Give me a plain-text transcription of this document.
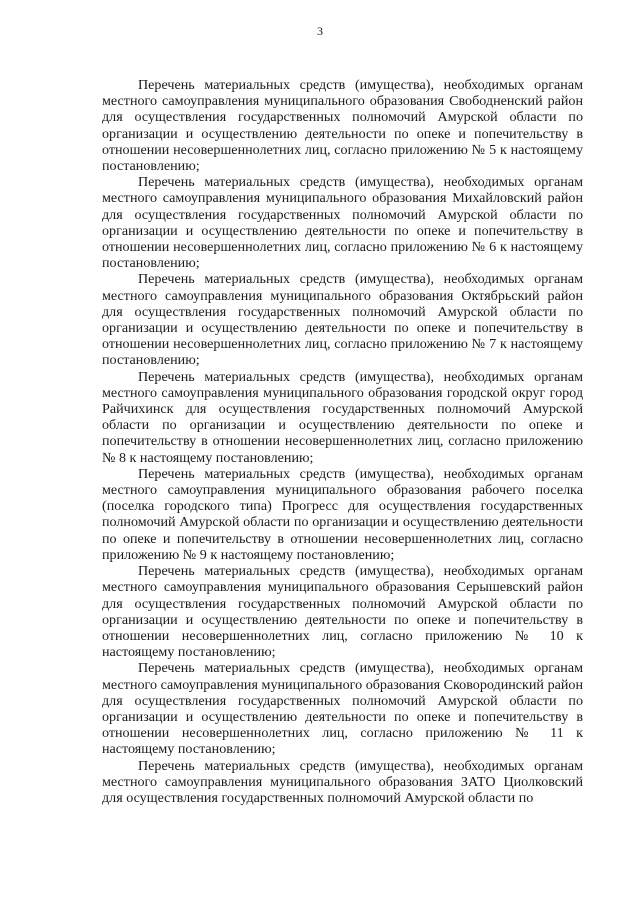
3

Перечень материальных средств (имущества), необходимых органам местного самоуправления муниципального образования Свободненский район для осуществления государственных полномочий Амурской области по организации и осуществлению деятельности по опеке и попечительству в отношении несовершеннолетних лиц, согласно приложению № 5 к настоящему постановлению;

Перечень материальных средств (имущества), необходимых органам местного самоуправления муниципального образования Михайловский район для осуществления государственных полномочий Амурской области по организации и осуществлению деятельности по опеке и попечительству в отношении несовершеннолетних лиц, согласно приложению № 6 к настоящему постановлению;

Перечень материальных средств (имущества), необходимых органам местного самоуправления муниципального образования Октябрьский район для осуществления государственных полномочий Амурской области по организации и осуществлению деятельности по опеке и попечительству в отношении несовершеннолетних лиц, согласно приложению № 7 к настоящему постановлению;

Перечень материальных средств (имущества), необходимых органам местного самоуправления муниципального образования городской округ город Райчихинск для осуществления государственных полномочий Амурской области по организации и осуществлению деятельности по опеке и попечительству в отношении несовершеннолетних лиц, согласно приложению № 8 к настоящему постановлению;

Перечень материальных средств (имущества), необходимых органам местного самоуправления муниципального образования рабочего поселка (поселка городского типа) Прогресс для осуществления государственных полномочий Амурской области по организации и осуществлению деятельности по опеке и попечительству в отношении несовершеннолетних лиц, согласно приложению № 9 к настоящему постановлению;

Перечень материальных средств (имущества), необходимых органам местного самоуправления муниципального образования Серышевский район для осуществления государственных полномочий Амурской области по организации и осуществлению деятельности по опеке и попечительству в отношении несовершеннолетних лиц, согласно приложению № 10 к настоящему постановлению;

Перечень материальных средств (имущества), необходимых органам местного самоуправления муниципального образования Сковородинский район для осуществления государственных полномочий Амурской области по организации и осуществлению деятельности по опеке и попечительству в отношении несовершеннолетних лиц, согласно приложению № 11 к настоящему постановлению;

Перечень материальных средств (имущества), необходимых органам местного самоуправления муниципального образования ЗАТО Циолковский для осуществления государственных полномочий Амурской области по
